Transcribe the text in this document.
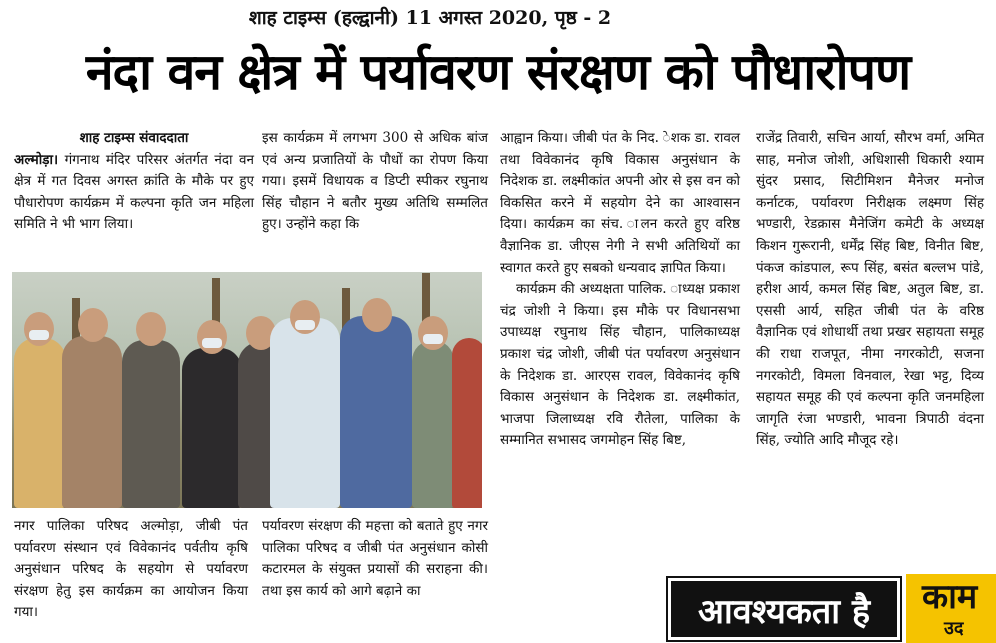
शाह टाइम्स (हल्द्वानी) 11 अगस्त 2020, पृष्ठ - 2
नंदा वन क्षेत्र में पर्यावरण संरक्षण को पौधारोपण
शाह टाइम्स संवाददाता

अल्मोड़ा। गंगनाथ मंदिर परिसर अंतर्गत नंदा वन क्षेत्र में गत दिवस अगस्त क्रांति के मौके पर हुए पौधारोपण कार्यक्रम में कल्पना कृति जन महिला समिति ने भी भाग लिया।

इस कार्यक्रम में लगभग 300 से अधिक बांज एवं अन्य प्रजातियों के पौधों का रोपण किया गया। इसमें विधायक व डिप्टी स्पीकर रघुनाथ सिंह चौहान ने बतौर मुख्य अतिथि सम्मलित हुए। उन्होंने कहा कि

नगर पालिका परिषद अल्मोड़ा, जीबी पंत पर्यावरण संस्थान एवं विवेकानंद पर्वतीय कृषि अनुसंधान परिषद के सहयोग से पर्यावरण संरक्षण हेतु इस कार्यक्रम का आयोजन किया गया।

पर्यावरण संरक्षण की महत्ता को बताते हुए नगर पालिका परिषद व जीबी पंत अनुसंधान कोसी कटारमल के संयुक्त प्रयासों की सराहना की। तथा इस कार्य को आगे बढ़ाने का

आह्वान किया। जीबी पंत के निद. ेशक डा. रावल तथा विवेकानंद कृषि विकास अनुसंधान के निदेशक डा. लक्ष्मीकांत अपनी ओर से इस वन को विकसित करने में सहयोग देने का आश्वासन दिया। कार्यक्रम का संच. ालन करते हुए वरिष्ठ वैज्ञानिक डा. जीएस नेगी ने सभी अतिथियों का स्वागत करते हुए सबको धन्यवाद ज्ञापित किया।

कार्यक्रम की अध्यक्षता पालिक. ाध्यक्ष प्रकाश चंद्र जोशी ने किया। इस मौके पर विधानसभा उपाध्यक्ष रघुनाथ सिंह चौहान, पालिकाध्यक्ष प्रकाश चंद्र जोशी, जीबी पंत पर्यावरण अनुसंधान के निदेशक डा. आरएस रावल, विवेकानंद कृषि विकास अनुसंधान के निदेशक डा. लक्ष्मीकांत, भाजपा जिलाध्यक्ष रवि रौतेला, पालिका के सम्मानित सभासद जगमोहन सिंह बिष्ट,

राजेंद्र तिवारी, सचिन आर्या, सौरभ वर्मा, अमित साह, मनोज जोशी, अधिशासी धिकारी श्याम सुंदर प्रसाद, सिटीमिशन मैनेजर मनोज कर्नाटक, पर्यावरण निरीक्षक लक्ष्मण सिंह भण्डारी, रेडक्रास मैनेजिंग कमेटी के अध्यक्ष किशन गुरूरानी, धर्मेंद्र सिंह बिष्ट, विनीत बिष्ट, पंकज कांडपाल, रूप सिंह, बसंत बल्लभ पांडे, हरीश आर्य, कमल सिंह बिष्ट, अतुल बिष्ट, डा. एससी आर्य, सहित जीबी पंत के वरिष्ठ वैज्ञानिक एवं शोधार्थी तथा प्रखर सहायता समूह की राधा राजपूत, नीमा नगरकोटी, सजना नगरकोटी, विमला विनवाल, रेखा भट्ट, दिव्य सहायत समूह की एवं कल्पना कृति जनमहिला जागृति रंजा भण्डारी, भावना त्रिपाठी वंदना सिंह, ज्योति आदि मौजूद रहे।

आवश्यकता है	काम
उद
